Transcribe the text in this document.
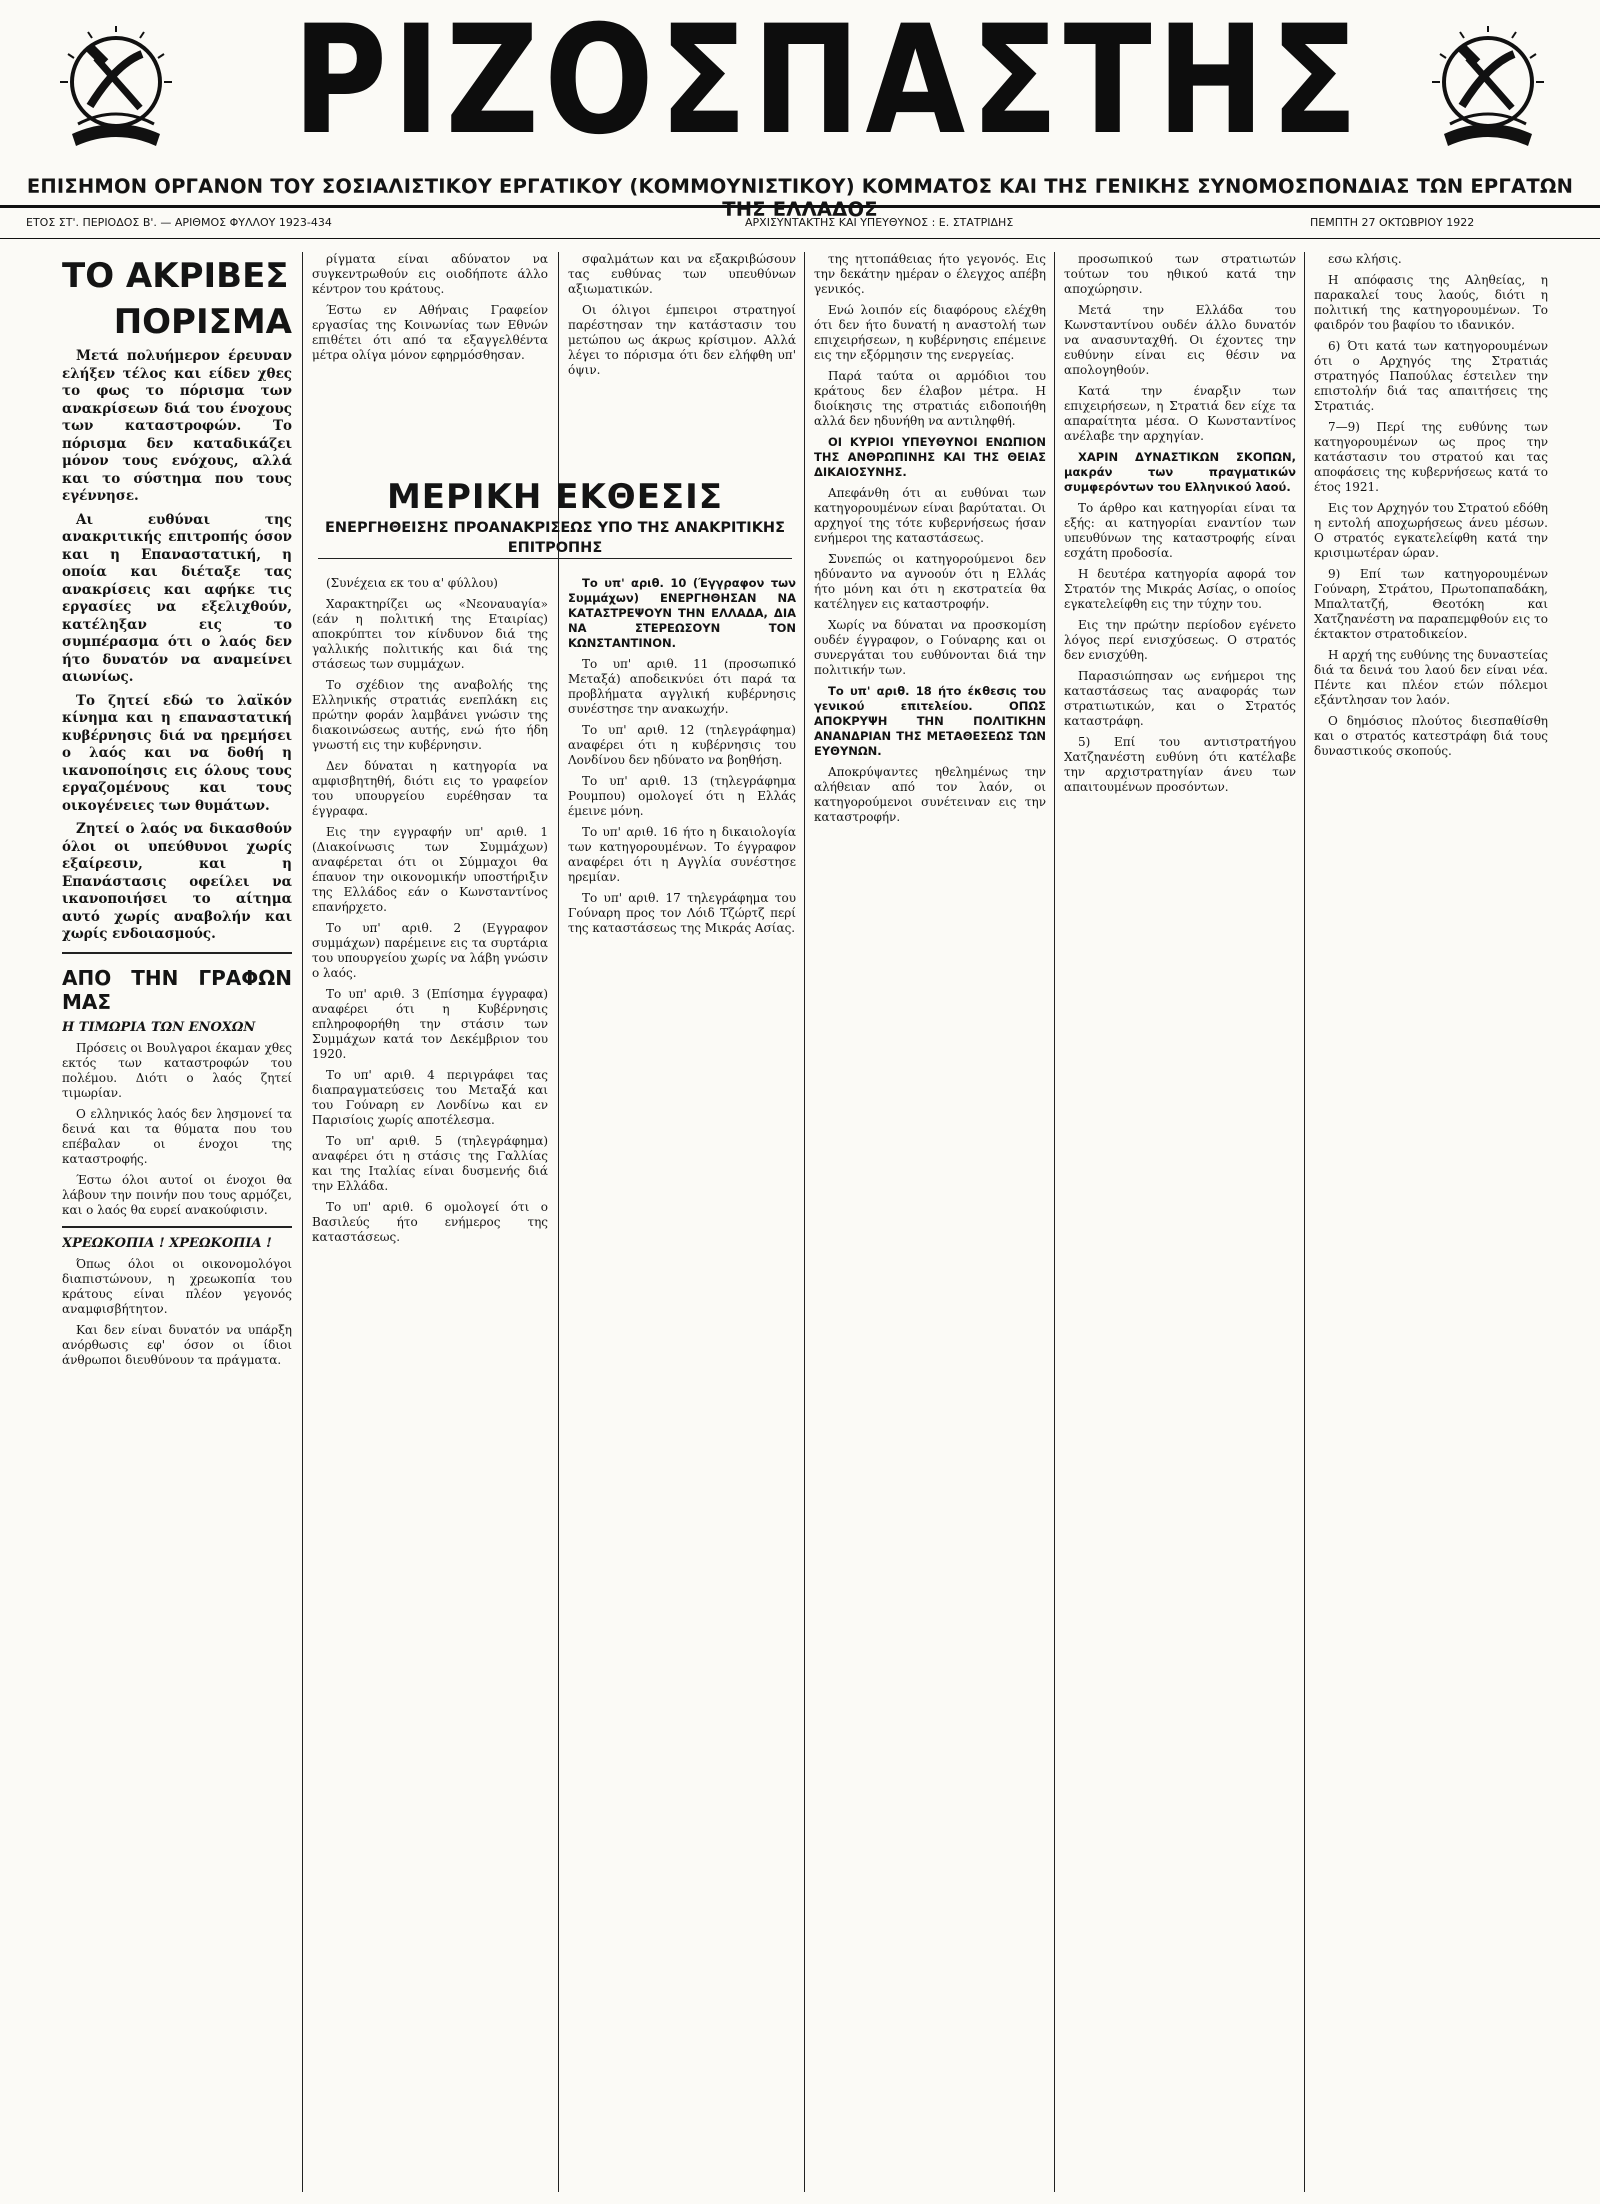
ΡΙΖΟΣΠΑΣΤΗΣ
ΕΠΙΣΗΜΟΝ ΟΡΓΑΝΟΝ ΤΟΥ ΣΟΣΙΑΛΙΣΤΙΚΟΥ ΕΡΓΑΤΙΚΟΥ (ΚΟΜΜΟΥΝΙΣΤΙΚΟΥ) ΚΟΜΜΑΤΟΣ ΚΑΙ ΤΗΣ ΓΕΝΙΚΗΣ ΣΥΝΟΜΟΣΠΟΝΔΙΑΣ ΤΩΝ ΕΡΓΑΤΩΝ ΤΗΣ ΕΛΛΑΔΟΣ
ΕΤΟΣ ΣΤ'. ΠΕΡΙΟΔΟΣ Β'. — ΑΡΙΘΜΟΣ ΦΥΛΛΟΥ 1923-434	ΑΡΧΙΣΥΝΤΑΚΤΗΣ ΚΑΙ ΥΠΕΥΘΥΝΟΣ : Ε. ΣΤΑΤΡΙΔΗΣ	ΠΕΜΠΤΗ 27 ΟΚΤΩΒΡΙΟΥ 1922
ΤΟ ΑΚΡΙΒΕΣ
ΠΟΡΙΣΜΑ

Μετά πολυήμερον έρευναν ελήξεν τέλος και είδεν χθες το φως το πόρισμα των ανακρίσεων διά του ένοχους των καταστροφών. Το πόρισμα δεν καταδικάζει μόνον τους ενόχους, αλλά και το σύστημα που τους εγέννησε.

Αι ευθύναι της ανακριτικής επιτροπής όσον και η Επαναστατική, η οποία και διέταξε τας ανακρίσεις και αφήκε τις εργασίες να εξελιχθούν, κατέληξαν εις το συμπέρασμα ότι ο λαός δεν ήτο δυνατόν να αναμείνει αιωνίως.

Το ζητεί εδώ το λαϊκόν κίνημα και η επαναστατική κυβέρνησις διά να ηρεμήσει ο λαός και να δοθή η ικανοποίησις εις όλους τους εργαζομένους και τους οικογένειες των θυμάτων.

Ζητεί ο λαός να δικασθούν όλοι οι υπεύθυνοι χωρίς εξαίρεσιν, και η Επανάστασις οφείλει να ικανοποιήσει το αίτημα αυτό χωρίς αναβολήν και χωρίς ενδοιασμούς.

ΑΠΟ ΤΗΝ ΓΡΑΦΩΝ ΜΑΣ
Η ΤΙΜΩΡΙΑ ΤΩΝ ΕΝΟΧΩΝ

Πρόσεις οι Βουλγαροι έκαμαν χθες εκτός των καταστροφών του πολέμου. Διότι ο λαός ζητεί τιμωρίαν.

Ο ελληνικός λαός δεν λησμονεί τα δεινά και τα θύματα που του επέβαλαν οι ένοχοι της καταστροφής.

Έστω όλοι αυτοί οι ένοχοι θα λάβουν την ποινήν που τους αρμόζει, και ο λαός θα ευρεί ανακούφισιν.

ΧΡΕΩΚΟΠΙΑ ! ΧΡΕΩΚΟΠΙΑ !

Όπως όλοι οι οικονομολόγοι διαπιστώνουν, η χρεωκοπία του κράτους είναι πλέον γεγονός αναμφισβήτητον.

Και δεν είναι δυνατόν να υπάρξη ανόρθωσις εφ' όσον οι ίδιοι άνθρωποι διευθύνουν τα πράγματα.

ρίγματα είναι αδύνατον να συγκεντρωθούν εις οιοδήποτε άλλο κέντρον του κράτους.

Έστω εν Αθήναις Γραφείον εργασίας της Κοινωνίας των Εθνών επιθέτει ότι από τα εξαγγελθέντα μέτρα ολίγα μόνον εφηρμόσθησαν.

σφαλμάτων και να εξακριβώσουν τας ευθύνας των υπευθύνων αξιωματικών.

Οι όλιγοι έμπειροι στρατηγοί παρέστησαν την κατάστασιν του μετώπου ως άκρως κρίσιμον. Αλλά λέγει το πόρισμα ότι δεν ελήφθη υπ' όψιν.

ΜΕΡΙΚΗ ΕΚΘΕΣΙΣ
ΕΝΕΡΓΗΘΕΙΣΗΣ ΠΡΟΑΝΑΚΡΙΣΕΩΣ ΥΠΟ ΤΗΣ ΑΝΑΚΡΙΤΙΚΗΣ ΕΠΙΤΡΟΠΗΣ

(Συνέχεια εκ του α' φύλλου)

Χαρακτηρίζει ως «Νεοναυαγία» (εάν η πολιτική της Εταιρίας) αποκρύπτει τον κίνδυνον διά της γαλλικής πολιτικής και διά της στάσεως των συμμάχων.

Το σχέδιον της αναβολής της Ελληνικής στρατιάς ενεπλάκη εις πρώτην φοράν λαμβάνει γνώσιν της διακοινώσεως αυτής, ενώ ήτο ήδη γνωστή εις την κυβέρνησιν.

Δεν δύναται η κατηγορία να αμφισβητηθή, διότι εις το γραφείον του υπουργείου ευρέθησαν τα έγγραφα.

Εις την εγγραφήν υπ' αριθ. 1 (Διακοίνωσις των Συμμάχων) αναφέρεται ότι οι Σύμμαχοι θα έπαυον την οικονομικήν υποστήριξιν της Ελλάδος εάν ο Κωνσταντίνος επανήρχετο.

Το υπ' αριθ. 2 (Εγγραφον συμμάχων) παρέμεινε εις τα συρτάρια του υπουργείου χωρίς να λάβη γνώσιν ο λαός.

Το υπ' αριθ. 3 (Επίσημα έγγραφα) αναφέρει ότι η Κυβέρνησις επληροφορήθη την στάσιν των Συμμάχων κατά τον Δεκέμβριον του 1920.

Το υπ' αριθ. 4 περιγράφει τας διαπραγματεύσεις του Μεταξά και του Γούναρη εν Λονδίνω και εν Παρισίοις χωρίς αποτέλεσμα.

Το υπ' αριθ. 5 (τηλεγράφημα) αναφέρει ότι η στάσις της Γαλλίας και της Ιταλίας είναι δυσμενής διά την Ελλάδα.

Το υπ' αριθ. 6 ομολογεί ότι ο Βασιλεύς ήτο ενήμερος της καταστάσεως.

Το υπ' αριθ. 10 (Έγγραφον των Συμμάχων) ΕΝΕΡΓΗΘΗΣΑΝ ΝΑ ΚΑΤΑΣΤΡΕΨΟΥΝ ΤΗΝ ΕΛΛΑΔΑ, ΔΙΑ ΝΑ ΣΤΕΡΕΩΣΟΥΝ ΤΟΝ ΚΩΝΣΤΑΝΤΙΝΟΝ.

Το υπ' αριθ. 11 (προσωπικό Μεταξά) αποδεικνύει ότι παρά τα προβλήματα αγγλική κυβέρνησις συνέστησε την ανακωχήν.

Το υπ' αριθ. 12 (τηλεγράφημα) αναφέρει ότι η κυβέρνησις του Λονδίνου δεν ηδύνατο να βοηθήση.

Το υπ' αριθ. 13 (τηλεγράφημα Ρουμπου) ομολογεί ότι η Ελλάς έμεινε μόνη.

Το υπ' αριθ. 16 ήτο η δικαιολογία των κατηγορουμένων. Το έγγραφον αναφέρει ότι η Αγγλία συνέστησε ηρεμίαν.

Το υπ' αριθ. 17 τηλεγράφημα του Γούναρη προς τον Λόιδ Τζώρτζ περί της καταστάσεως της Μικράς Ασίας.

της ηττοπάθειας ήτο γεγονός. Εις την δεκάτην ημέραν ο έλεγχος απέβη γενικός.

Ενώ λοιπόν είς διαφόρους ελέχθη ότι δεν ήτο δυνατή η αναστολή των επιχειρήσεων, η κυβέρνησις επέμεινε εις την εξόρμησιν της ενεργείας.

Παρά ταύτα οι αρμόδιοι του κράτους δεν έλαβον μέτρα. Η διοίκησις της στρατιάς ειδοποιήθη αλλά δεν ηδυνήθη να αντιληφθή.

ΟΙ ΚΥΡΙΟΙ ΥΠΕΥΘΥΝΟΙ ΕΝΩΠΙΟΝ ΤΗΣ ΑΝΘΡΩΠΙΝΗΣ ΚΑΙ ΤΗΣ ΘΕΙΑΣ ΔΙΚΑΙΟΣΥΝΗΣ.

Απεφάνθη ότι αι ευθύναι των κατηγορουμένων είναι βαρύταται. Οι αρχηγοί της τότε κυβερνήσεως ήσαν ενήμεροι της καταστάσεως.

Συνεπώς οι κατηγορούμενοι δεν ηδύναντο να αγνοούν ότι η Ελλάς ήτο μόνη και ότι η εκστρατεία θα κατέληγεν εις καταστροφήν.

Χωρίς να δύναται να προσκομίση ουδέν έγγραφον, ο Γούναρης και οι συνεργάται του ευθύνονται διά την πολιτικήν των.

Το υπ' αριθ. 18 ήτο έκθεσις του γενικού επιτελείου. ΟΠΩΣ ΑΠΟΚΡΥΨΗ ΤΗΝ ΠΟΛΙΤΙΚΗΝ ΑΝΑΝΔΡΙΑΝ ΤΗΣ ΜΕΤΑΘΕΣΕΩΣ ΤΩΝ ΕΥΘΥΝΩΝ.

Αποκρύψαντες ηθελημένως την αλήθειαν από τον λαόν, οι κατηγορούμενοι συνέτειναν εις την καταστροφήν.

προσωπικού των στρατιωτών τούτων του ηθικού κατά την αποχώρησιν.

Μετά την Ελλάδα του Κωνσταντίνου ουδέν άλλο δυνατόν να ανασυνταχθή. Οι έχοντες την ευθύνην είναι εις θέσιν να απολογηθούν.

Κατά την έναρξιν των επιχειρήσεων, η Στρατιά δεν είχε τα απαραίτητα μέσα. Ο Κωνσταντίνος ανέλαβε την αρχηγίαν.

ΧΑΡΙΝ ΔΥΝΑΣΤΙΚΩΝ ΣΚΟΠΩΝ, μακράν των πραγματικών συμφερόντων του Ελληνικού λαού.

Το άρθρο και κατηγορίαι είναι τα εξής: αι κατηγορίαι εναντίον των υπευθύνων της καταστροφής είναι εσχάτη προδοσία.

Η δευτέρα κατηγορία αφορά τον Στρατόν της Μικράς Ασίας, ο οποίος εγκατελείφθη εις την τύχην του.

Εις την πρώτην περίοδον εγένετο λόγος περί ενισχύσεως. Ο στρατός δεν ενισχύθη.

Παρασιώπησαν ως ενήμεροι της καταστάσεως τας αναφοράς των στρατιωτικών, και ο Στρατός καταστράφη.

5) Επί του αντιστρατήγου Χατζηανέστη ευθύνη ότι κατέλαβε την αρχιστρατηγίαν άνευ των απαιτουμένων προσόντων.

εσω κλήσις.

Η απόφασις της Αληθείας, η παρακαλεί τους λαούς, διότι η πολιτική της κατηγορουμένων. Το φαιδρόν του βαφίου το ιδανικόν.

6) Ότι κατά των κατηγορουμένων ότι ο Αρχηγός της Στρατιάς στρατηγός Παπούλας έστειλεν την επιστολήν διά τας απαιτήσεις της Στρατιάς.

7—9) Περί της ευθύνης των κατηγορουμένων ως προς την κατάστασιν του στρατού και τας αποφάσεις της κυβερνήσεως κατά το έτος 1921.

Εις τον Αρχηγόν του Στρατού εδόθη η εντολή αποχωρήσεως άνευ μέσων. Ο στρατός εγκατελείφθη κατά την κρισιμωτέραν ώραν.

9) Επί των κατηγορουμένων Γούναρη, Στράτου, Πρωτοπαπαδάκη, Μπαλτατζή, Θεοτόκη και Χατζηανέστη να παραπεμφθούν εις το έκτακτον στρατοδικείον.

Η αρχή της ευθύνης της δυναστείας διά τα δεινά του λαού δεν είναι νέα. Πέντε και πλέον ετών πόλεμοι εξάντλησαν τον λαόν.

Ο δημόσιος πλούτος διεσπαθίσθη και ο στρατός κατεστράφη διά τους δυναστικούς σκοπούς.
